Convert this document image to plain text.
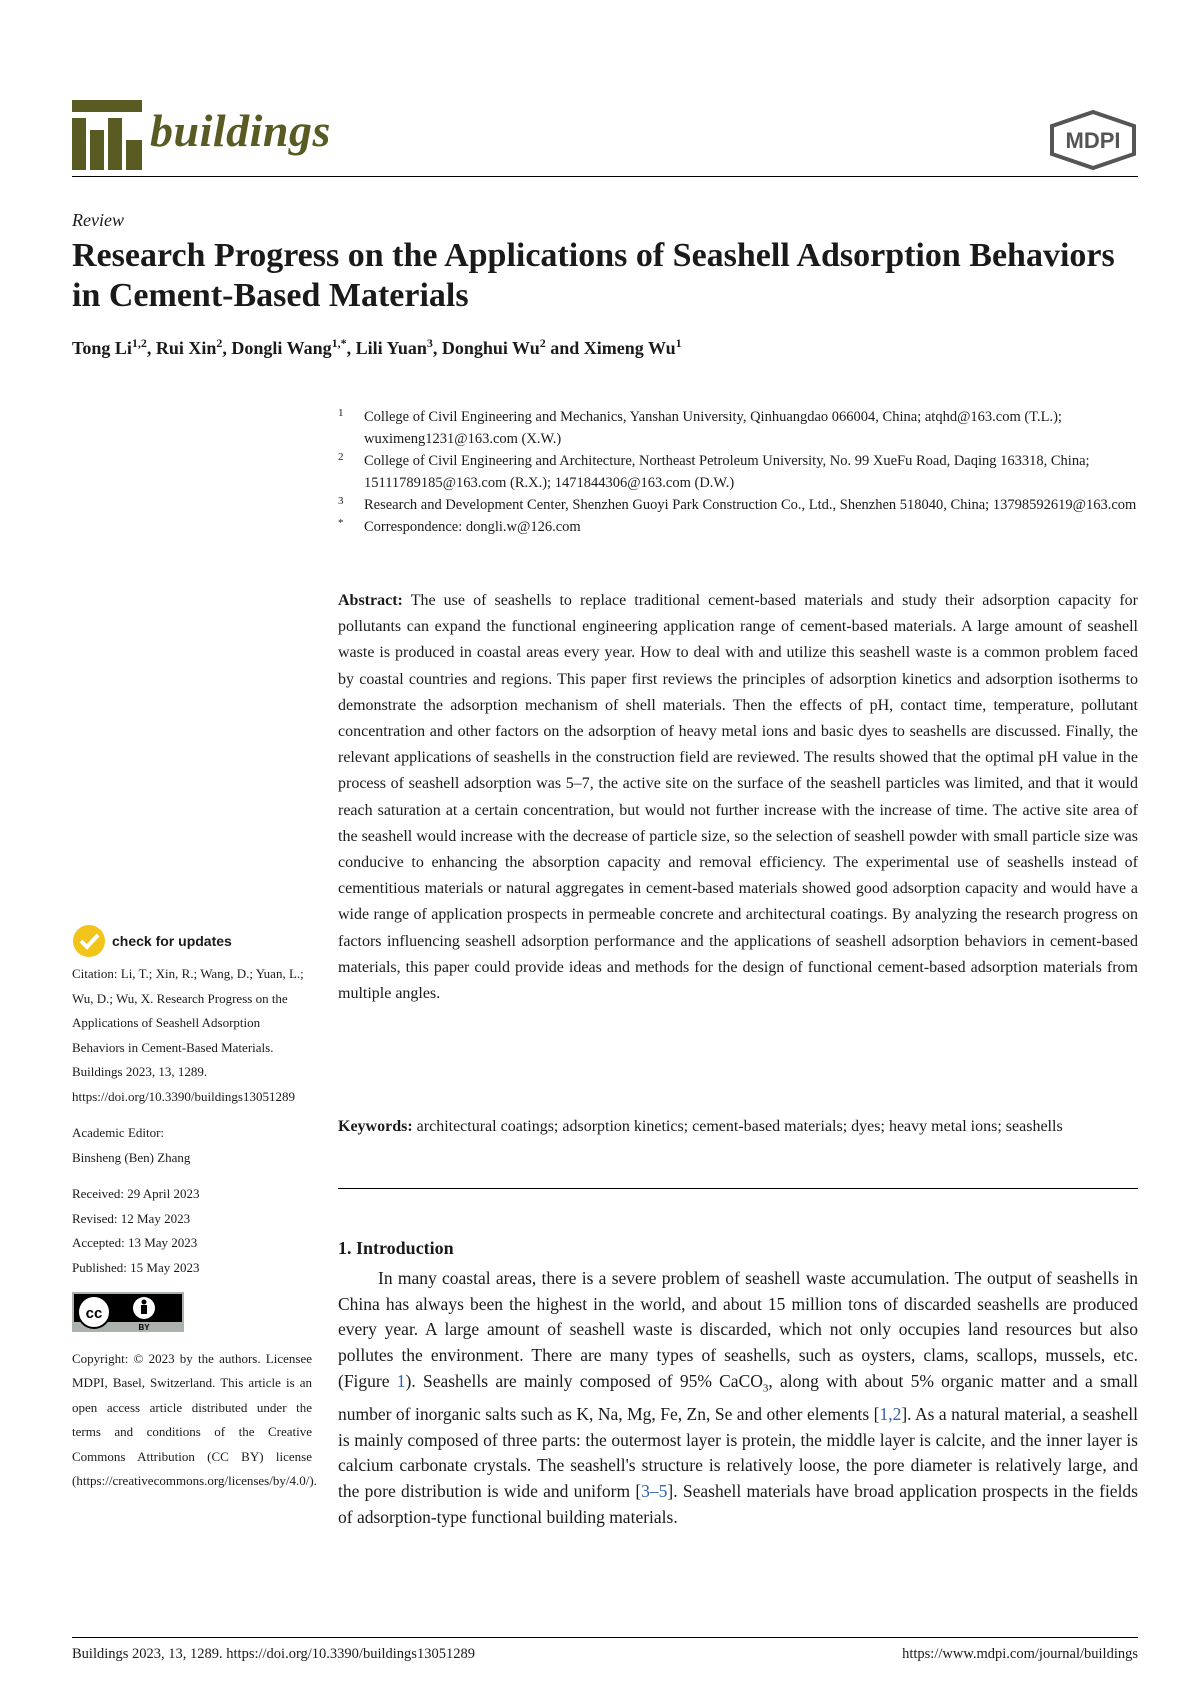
buildings	MDPI
Review
Research Progress on the Applications of Seashell Adsorption Behaviors in Cement-Based Materials
Tong Li$^{1,2}$, Rui Xin$^2$, Dongli Wang$^{1,*}$, Lili Yuan$^3$, Donghui Wu$^2$ and Ximeng Wu$^1$
1 College of Civil Engineering and Mechanics, Yanshan University, Qinhuangdao 066004, China; atqhd@163.com (T.L.); wuximeng1231@163.com (X.W.)
2 College of Civil Engineering and Architecture, Northeast Petroleum University, No. 99 XueFu Road, Daqing 163318, China; 15111789185@163.com (R.X.); 1471844306@163.com (D.W.)
3 Research and Development Center, Shenzhen Guoyi Park Construction Co., Ltd., Shenzhen 518040, China; 13798592619@163.com
* Correspondence: dongli.w@126.com

Abstract: The use of seashells to replace traditional cement-based materials and study their adsorption capacity for pollutants can expand the functional engineering application range of cement-based materials. A large amount of seashell waste is produced in coastal areas every year. How to deal with and utilize this seashell waste is a common problem faced by coastal countries and regions. This paper first reviews the principles of adsorption kinetics and adsorption isotherms to demonstrate the adsorption mechanism of shell materials. Then the effects of pH, contact time, temperature, pollutant concentration and other factors on the adsorption of heavy metal ions and basic dyes to seashells are discussed. Finally, the relevant applications of seashells in the construction field are reviewed. The results showed that the optimal pH value in the process of seashell adsorption was 5–7, the active site on the surface of the seashell particles was limited, and that it would reach saturation at a certain concentration, but would not further increase with the increase of time. The active site area of the seashell would increase with the decrease of particle size, so the selection of seashell powder with small particle size was conducive to enhancing the absorption capacity and removal efficiency. The experimental use of seashells instead of cementitious materials or natural aggregates in cement-based materials showed good adsorption capacity and would have a wide range of application prospects in permeable concrete and architectural coatings. By analyzing the research progress on factors influencing seashell adsorption performance and the applications of seashell adsorption behaviors in cement-based materials, this paper could provide ideas and methods for the design of functional cement-based adsorption materials from multiple angles.

Keywords: architectural coatings; adsorption kinetics; cement-based materials; dyes; heavy metal ions; seashells

1. Introduction

In many coastal areas, there is a severe problem of seashell waste accumulation. The output of seashells in China has always been the highest in the world, and about 15 million tons of discarded seashells are produced every year. A large amount of seashell waste is discarded, which not only occupies land resources but also pollutes the environment. There are many types of seashells, such as oysters, clams, scallops, mussels, etc. (Figure 1). Seashells are mainly composed of 95% CaCO$_3$, along with about 5% organic matter and a small number of inorganic salts such as K, Na, Mg, Fe, Zn, Se and other elements [1,2]. As a natural material, a seashell is mainly composed of three parts: the outermost layer is protein, the middle layer is calcite, and the inner layer is calcium carbonate crystals. The seashell's structure is relatively loose, the pore diameter is relatively large, and the pore distribution is wide and uniform [3–5]. Seashell materials have broad application prospects in the fields of adsorption-type functional building materials.

check for updates
Citation: Li, T.; Xin, R.; Wang, D.; Yuan, L.; Wu, D.; Wu, X. Research Progress on the Applications of Seashell Adsorption Behaviors in Cement-Based Materials. Buildings 2023, 13, 1289. https://doi.org/10.3390/buildings13051289
Academic Editor:
Binsheng (Ben) Zhang
Received: 29 April 2023
Revised: 12 May 2023
Accepted: 13 May 2023
Published: 15 May 2023
cc
BY
Copyright: © 2023 by the authors. Licensee MDPI, Basel, Switzerland. This article is an open access article distributed under the terms and conditions of the Creative Commons Attribution (CC BY) license (https://creativecommons.org/licenses/by/4.0/).
Buildings 2023, 13, 1289. https://doi.org/10.3390/buildings13051289	https://www.mdpi.com/journal/buildings
